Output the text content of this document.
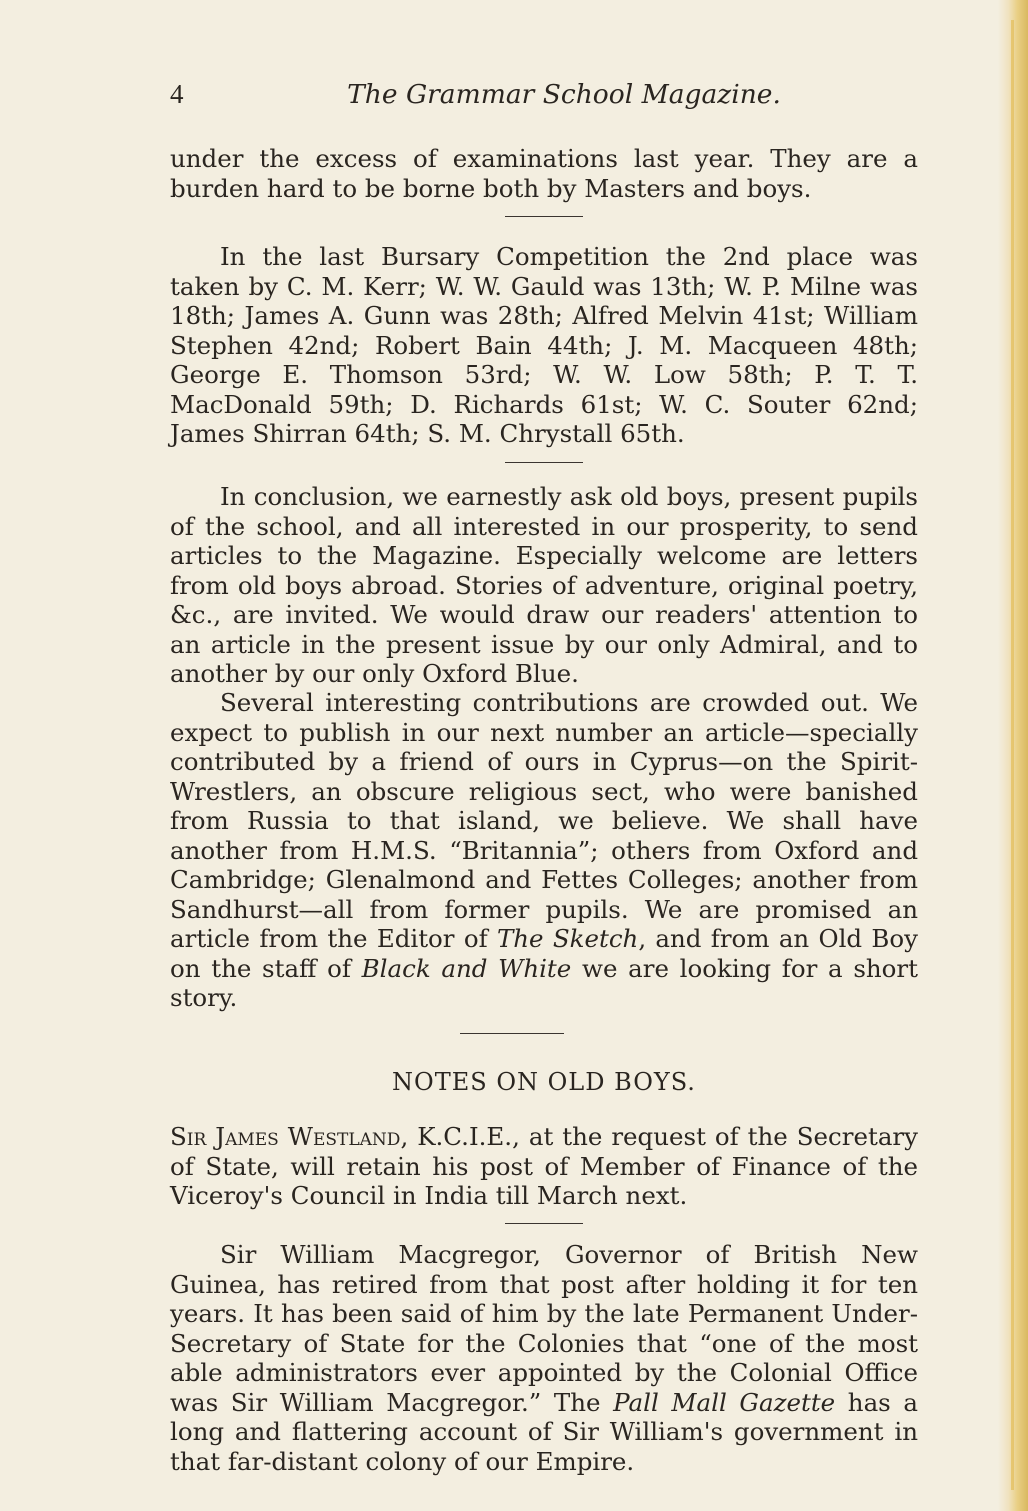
4	The Grammar School Magazine.

under the excess of examinations last year. They are a burden hard to be borne both by Masters and boys.

In the last Bursary Competition the 2nd place was taken by C. M. Kerr; W. W. Gauld was 13th; W. P. Milne was 18th; James A. Gunn was 28th; Alfred Melvin 41st; William Stephen 42nd; Robert Bain 44th; J. M. Macqueen 48th; George E. Thomson 53rd; W. W. Low 58th; P. T. T. MacDonald 59th; D. Richards 61st; W. C. Souter 62nd; James Shirran 64th; S. M. Chrystall 65th.

In conclusion, we earnestly ask old boys, present pupils of the school, and all interested in our prosperity, to send articles to the Magazine. Especially welcome are letters from old boys abroad. Stories of adventure, original poetry, &c., are invited. We would draw our readers' attention to an article in the present issue by our only Admiral, and to another by our only Oxford Blue.

Several interesting contributions are crowded out. We expect to publish in our next number an article—specially contributed by a friend of ours in Cyprus—on the Spirit-Wrestlers, an obscure religious sect, who were banished from Russia to that island, we believe. We shall have another from H.M.S. “Britannia”; others from Oxford and Cambridge; Glenalmond and Fettes Colleges; another from Sandhurst—all from former pupils. We are promised an article from the Editor of The Sketch, and from an Old Boy on the staff of Black and White we are looking for a short story.

NOTES ON OLD BOYS.

Sir James Westland, K.C.I.E., at the request of the Secretary of State, will retain his post of Member of Finance of the Viceroy's Council in India till March next.

Sir William Macgregor, Governor of British New Guinea, has retired from that post after holding it for ten years. It has been said of him by the late Permanent Under-Secretary of State for the Colonies that “one of the most able administrators ever appointed by the Colonial Office was Sir William Macgregor.” The Pall Mall Gazette has a long and flattering account of Sir William's government in that far-distant colony of our Empire.
